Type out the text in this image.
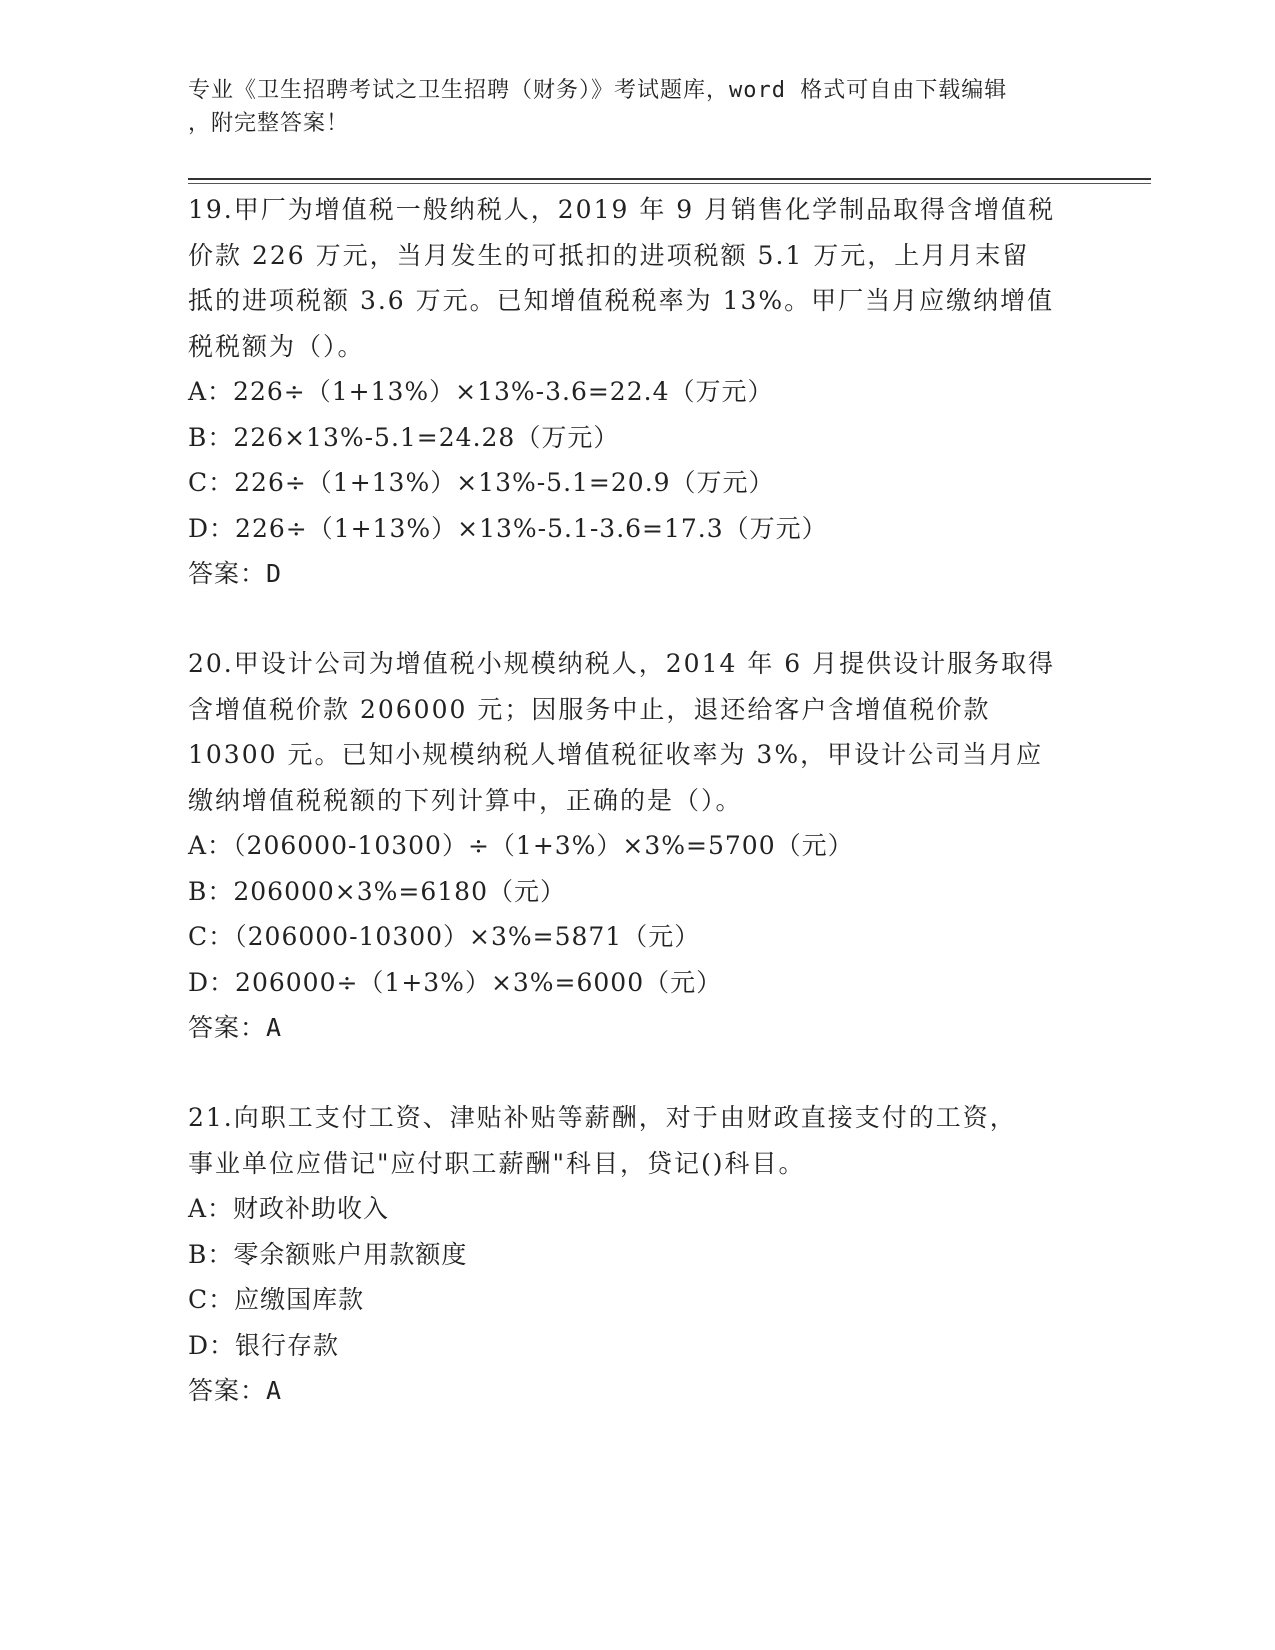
专业《卫生招聘考试之卫生招聘（财务）》考试题库，word 格式可自由下载编辑
，附完整答案！

19.甲厂为增值税一般纳税人，2019 年 9 月销售化学制品取得含增值税

价款 226 万元，当月发生的可抵扣的进项税额 5.1 万元，上月月末留

抵的进项税额 3.6 万元。已知增值税税率为 13%。甲厂当月应缴纳增值

税税额为（）。

A：226÷（1+13%）×13%-3.6=22.4（万元）

B：226×13%-5.1=24.28（万元）

C：226÷（1+13%）×13%-5.1=20.9（万元）

D：226÷（1+13%）×13%-5.1-3.6=17.3（万元）

答案：D

20.甲设计公司为增值税小规模纳税人，2014 年 6 月提供设计服务取得

含增值税价款 206000 元；因服务中止，退还给客户含增值税价款

10300 元。已知小规模纳税人增值税征收率为 3%，甲设计公司当月应

缴纳增值税税额的下列计算中，正确的是（）。

A：（206000-10300）÷（1+3%）×3%=5700（元）

B：206000×3%=6180（元）

C：（206000-10300）×3%=5871（元）

D：206000÷（1+3%）×3%=6000（元）

答案：A

21.向职工支付工资、津贴补贴等薪酬，对于由财政直接支付的工资，

事业单位应借记"应付职工薪酬"科目，贷记()科目。

A：财政补助收入

B：零余额账户用款额度

C：应缴国库款

D：银行存款

答案：A
